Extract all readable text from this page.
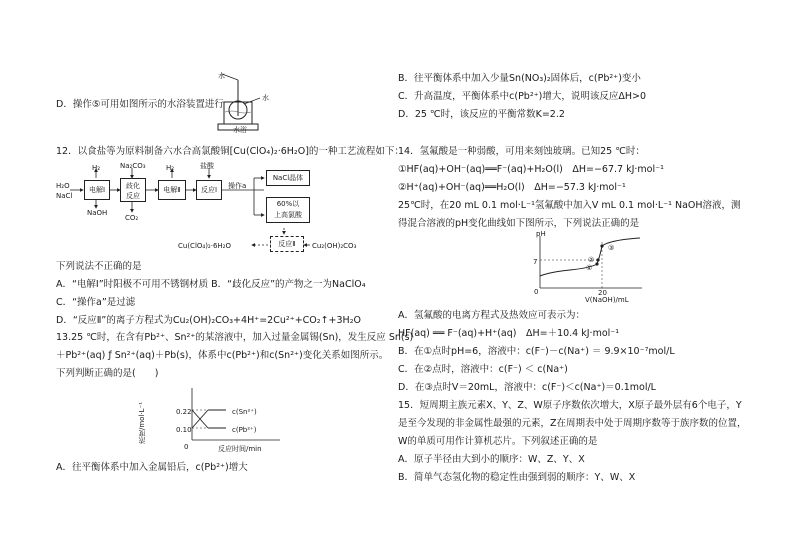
水
水
水浴
D．操作⑤可用如图所示的水浴装置进行
12．以食盐等为原料制备六水合高氯酸铜[Cu(ClO₄)₂·6H₂O]的一种工艺流程如下：
H₂O
NaCl
H₂
电解Ⅰ
NaOH
Na₂CO₃
歧化
反应
CO₂
H₂
电解Ⅱ
盐酸
反应Ⅰ	操作a
NaCl晶体
60%以
上高氯酸
反应Ⅱ	Cu₂(OH)₂CO₃
Cu(ClO₄)₂·6H₂O
下列说法不正确的是
A．“电解Ⅰ”时阳极不可用不锈钢材质 B．“歧化反应”的产物之一为NaClO₄
C．“操作a”是过滤
D．“反应Ⅱ”的离子方程式为Cu₂(OH)₂CO₃+4H⁺=2Cu²⁺+CO₂↑+3H₂O
13.25 ℃时，在含有Pb²⁺、Sn²⁺的某溶液中，加入过量金属锡(Sn)，发生反应 Sn(s)
＋Pb²⁺(aq) ƒ Sn²⁺(aq)＋Pb(s)，体系中c(Pb²⁺)和c(Sn²⁺)变化关系如图所示。
下列判断正确的是(　　)
浓度/mol·L⁻¹	0.22
0.10
0	反应时间/min
c(Sn²⁺)
c(Pb²⁺)
A．往平衡体系中加入金属铅后，c(Pb²⁺)增大
B．往平衡体系中加入少量Sn(NO₃)₂固体后，c(Pb²⁺)变小
C．升高温度，平衡体系中c(Pb²⁺)增大，说明该反应ΔH>0
D．25 ℃时，该反应的平衡常数K=2.2
14．氢氟酸是一种弱酸，可用来刻蚀玻璃。已知25 ℃时：
①HF(aq)+OH⁻(aq)══F⁻(aq)+H₂O(l)　ΔH=−67.7 kJ·mol⁻¹
②H⁺(aq)+OH⁻(aq)══H₂O(l)　ΔH=−57.3 kJ·mol⁻¹
25℃时，在20 mL 0.1 mol·L⁻¹氢氟酸中加入V mL 0.1 mol·L⁻¹ NaOH溶液，测
得混合溶液的pH变化曲线如下图所示，下列说法正确的是
pH
7
0	20
V(NaOH)/mL
①
②
③
A．氢氟酸的电离方程式及热效应可表示为：
HF(aq) ══ F⁻(aq)+H⁺(aq)　ΔH=＋10.4 kJ·mol⁻¹
B．在①点时pH=6，溶液中：c(F⁻)－c(Na⁺) ＝ 9.9×10⁻⁷mol/L
C．在②点时，溶液中：c(F⁻) ＜ c(Na⁺)
D．在③点时V＝20mL，溶液中：c(F⁻)＜c(Na⁺)＝0.1mol/L
15．短周期主族元素X、Y、Z、W原子序数依次增大，X原子最外层有6个电子，Y
是至今发现的非金属性最强的元素，Z在周期表中处于周期序数等于族序数的位置，
W的单质可用作计算机芯片。下列叙述正确的是
A．原子半径由大到小的顺序：W、Z、Y、X
B．简单气态氢化物的稳定性由强到弱的顺序：Y、W、X
